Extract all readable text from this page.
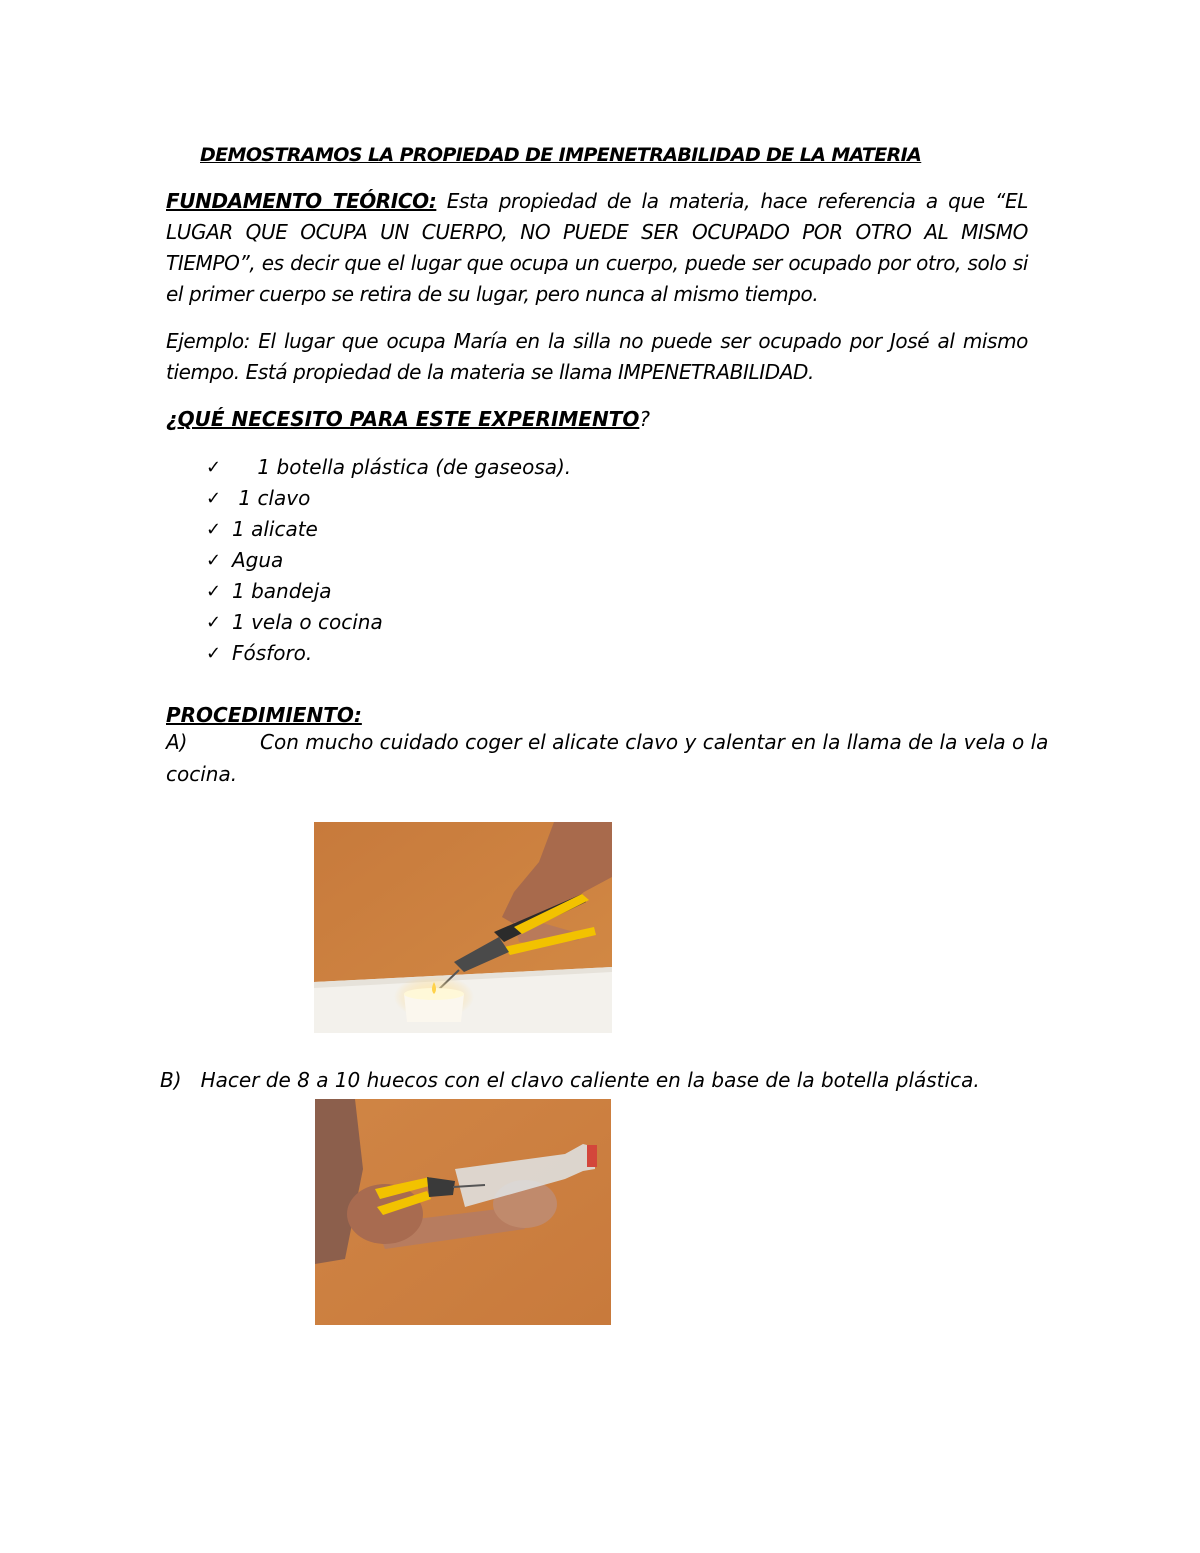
DEMOSTRAMOS LA PROPIEDAD DE IMPENETRABILIDAD DE LA MATERIA

FUNDAMENTO TEÓRICO: Esta propiedad de la materia, hace referencia a que “EL LUGAR QUE OCUPA UN CUERPO, NO PUEDE SER OCUPADO POR OTRO AL MISMO TIEMPO”, es decir que el lugar que ocupa un cuerpo, puede ser ocupado por otro, solo si el primer cuerpo se retira de su lugar, pero nunca al mismo tiempo.

Ejemplo: El lugar que ocupa María en la silla no puede ser ocupado por José al mismo tiempo. Está propiedad de la materia se llama IMPENETRABILIDAD.

¿QUÉ NECESITO PARA ESTE EXPERIMENTO?
✓ 1 botella plástica (de gaseosa).
✓ 1 clavo
✓ 1 alicate
✓ Agua
✓ 1 bandeja
✓ 1 vela o cocina
✓ Fósforo.
PROCEDIMIENTO:
A)	Con mucho cuidado coger el alicate clavo y calentar en la llama de la vela o la
cocina.
B)   Hacer de 8 a 10 huecos con el clavo caliente en la base de la botella plástica.
